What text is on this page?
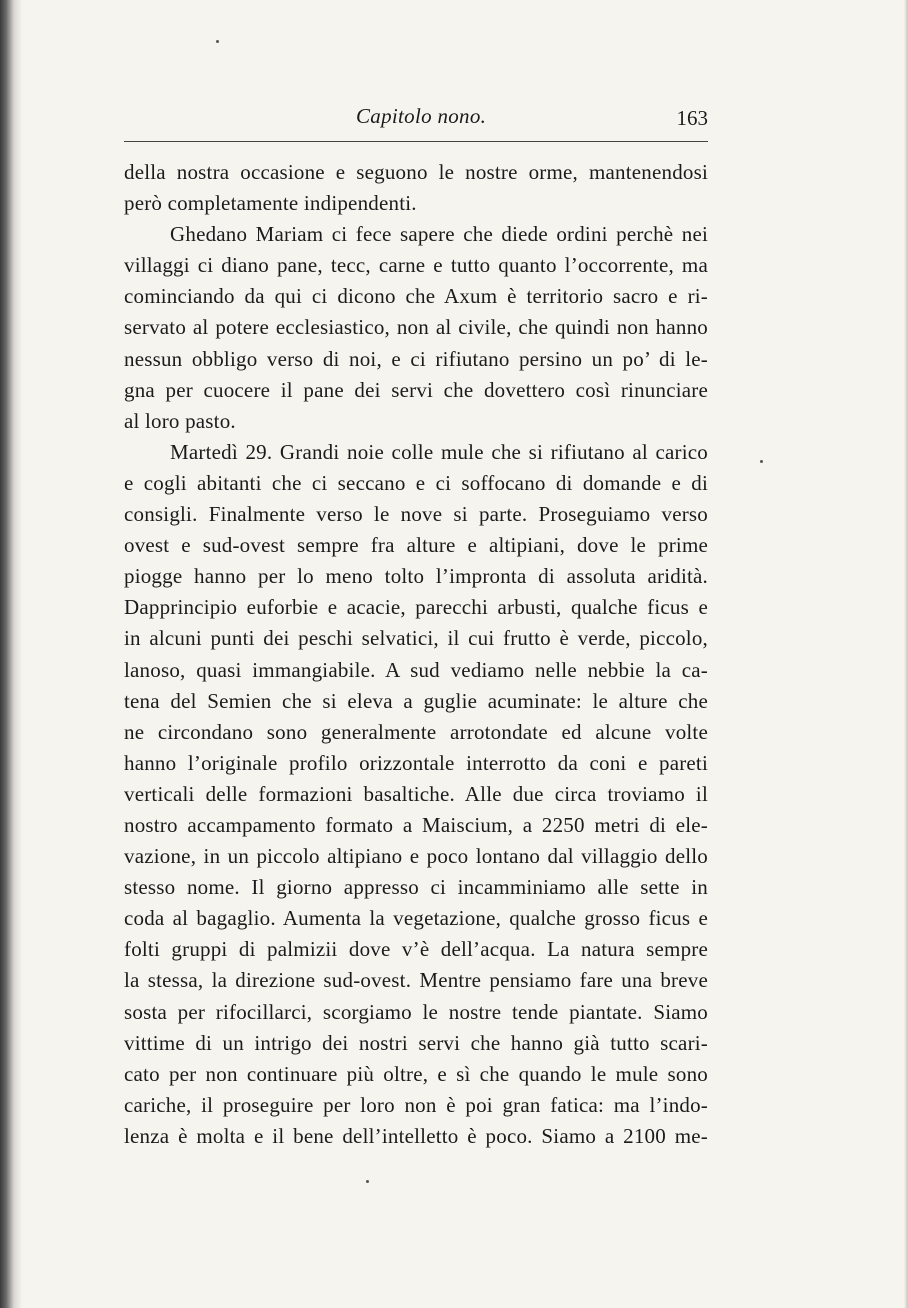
Capitolo nono.	163
della nostra occasione e seguono le nostre orme, mantenendosi
però completamente indipendenti.
Ghedano Mariam ci fece sapere che diede ordini perchè nei
villaggi ci diano pane, tecc, carne e tutto quanto l’occorrente, ma
cominciando da qui ci dicono che Axum è territorio sacro e ri-
servato al potere ecclesiastico, non al civile, che quindi non hanno
nessun obbligo verso di noi, e ci rifiutano persino un po’ di le-
gna per cuocere il pane dei servi che dovettero così rinunciare
al loro pasto.
Martedì 29. Grandi noie colle mule che si rifiutano al carico
e cogli abitanti che ci seccano e ci soffocano di domande e di
consigli. Finalmente verso le nove si parte. Proseguiamo verso
ovest e sud-ovest sempre fra alture e altipiani, dove le prime
piogge hanno per lo meno tolto l’impronta di assoluta aridità.
Dapprincipio euforbie e acacie, parecchi arbusti, qualche ficus e
in alcuni punti dei peschi selvatici, il cui frutto è verde, piccolo,
lanoso, quasi immangiabile. A sud vediamo nelle nebbie la ca-
tena del Semien che si eleva a guglie acuminate: le alture che
ne circondano sono generalmente arrotondate ed alcune volte
hanno l’originale profilo orizzontale interrotto da coni e pareti
verticali delle formazioni basaltiche. Alle due circa troviamo il
nostro accampamento formato a Maiscium, a 2250 metri di ele-
vazione, in un piccolo altipiano e poco lontano dal villaggio dello
stesso nome. Il giorno appresso ci incamminiamo alle sette in
coda al bagaglio. Aumenta la vegetazione, qualche grosso ficus e
folti gruppi di palmizii dove v’è dell’acqua. La natura sempre
la stessa, la direzione sud-ovest. Mentre pensiamo fare una breve
sosta per rifocillarci, scorgiamo le nostre tende piantate. Siamo
vittime di un intrigo dei nostri servi che hanno già tutto scari-
cato per non continuare più oltre, e sì che quando le mule sono
cariche, il proseguire per loro non è poi gran fatica: ma l’indo-
lenza è molta e il bene dell’intelletto è poco. Siamo a 2100 me-
